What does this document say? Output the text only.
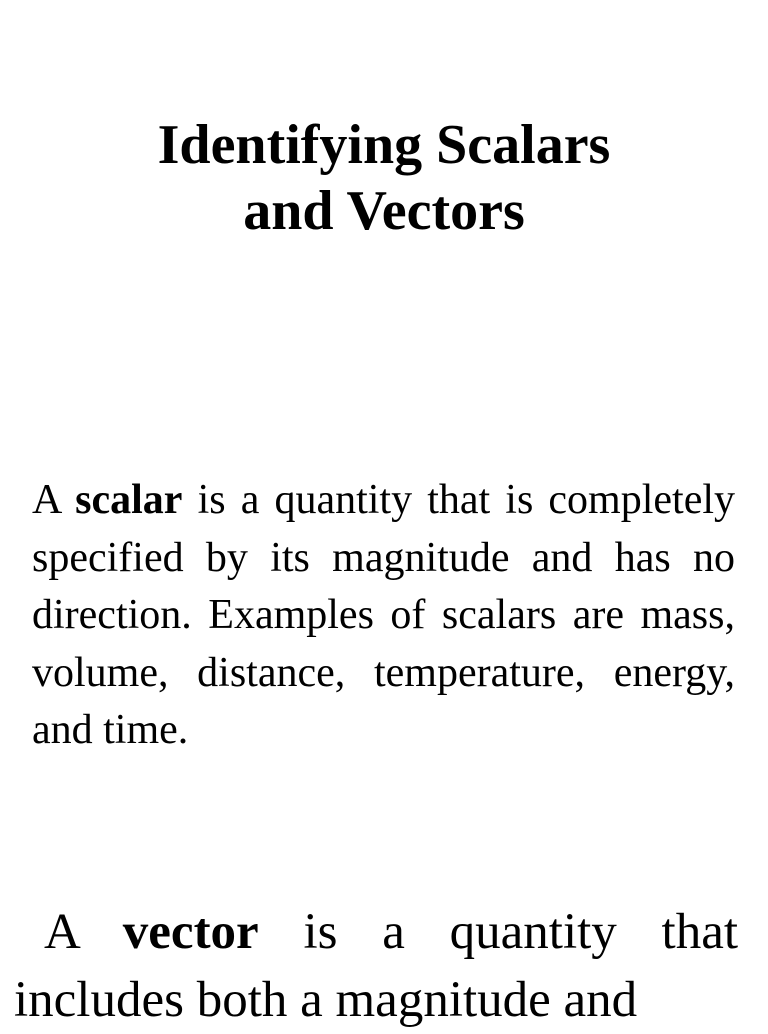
Identifying Scalars
and Vectors

A scalar is a quantity that is completely specified by its magnitude and has no direction. Examples of scalars are mass, volume, distance, temperature, energy, and time.

A vector is a quantity that includes both a magnitude and
